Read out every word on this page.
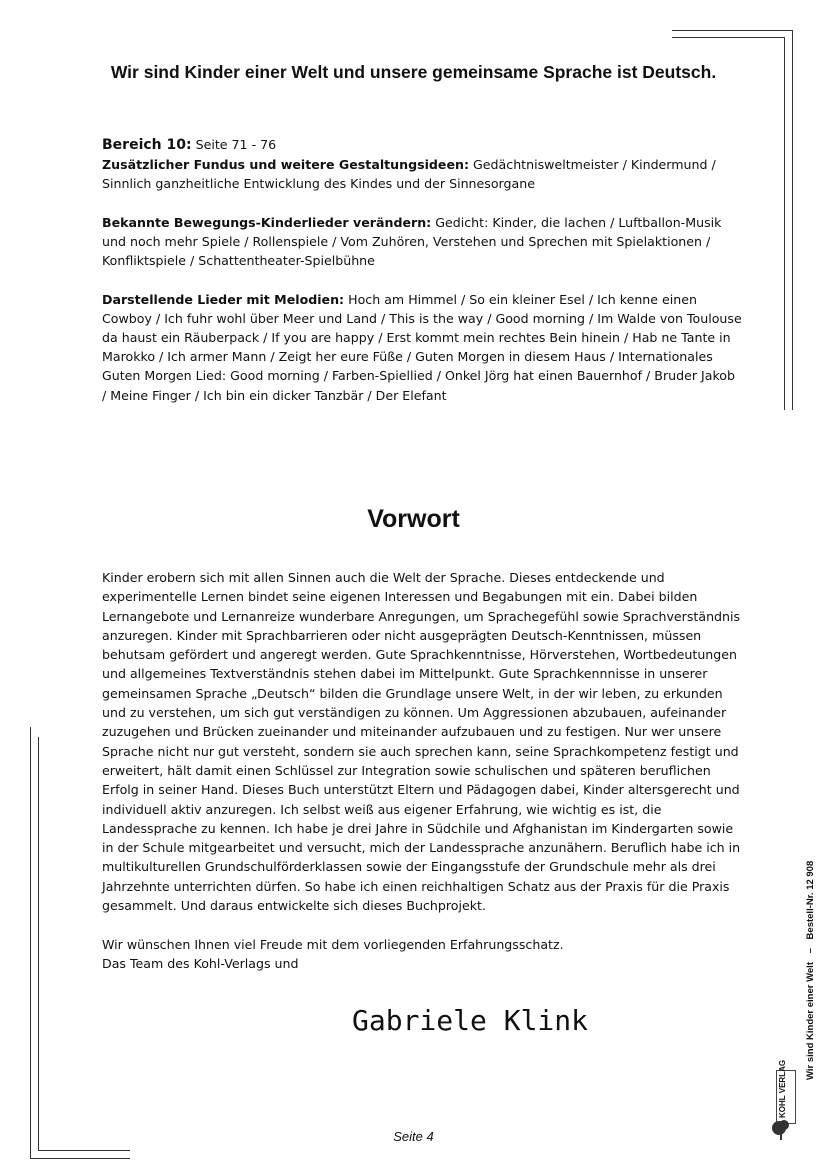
Wir sind Kinder einer Welt und unsere gemeinsame Sprache ist Deutsch.

Bereich 10: Seite 71 - 76
Zusätzlicher Fundus und weitere Gestaltungsideen: Gedächtnisweltmeister / Kindermund / Sinnlich ganzheitliche Entwicklung des Kindes und der Sinnesorgane

Bekannte Bewegungs-Kinderlieder verändern: Gedicht: Kinder, die lachen / Luftballon-Musik und noch mehr Spiele / Rollenspiele / Vom Zuhören, Verstehen und Sprechen mit Spielaktionen / Konfliktspiele / Schattentheater-Spielbühne

Darstellende Lieder mit Melodien: Hoch am Himmel / So ein kleiner Esel / Ich kenne einen Cowboy / Ich fuhr wohl über Meer und Land / This is the way / Good morning / Im Walde von Toulouse da haust ein Räuberpack / If you are happy / Erst kommt mein rechtes Bein hinein / Hab ne Tante in Marokko / Ich armer Mann / Zeigt her eure Füße / Guten Morgen in diesem Haus / Internationales Guten Morgen Lied: Good morning / Farben-Spiellied / Onkel Jörg hat einen Bauernhof / Bruder Jakob / Meine Finger / Ich bin ein dicker Tanzbär / Der Elefant

Vorwort

Kinder erobern sich mit allen Sinnen auch die Welt der Sprache. Dieses entdeckende und experimentelle Lernen bindet seine eigenen Interessen und Begabungen mit ein. Dabei bilden Lernangebote und Lernanreize wunderbare Anregungen, um Sprachegefühl sowie Sprachverständnis anzuregen. Kinder mit Sprachbarrieren oder nicht ausgeprägten Deutsch-Kenntnissen, müssen behutsam gefördert und angeregt werden. Gute Sprachkenntnisse, Hörverstehen, Wortbedeutungen und allgemeines Textverständnis stehen dabei im Mittelpunkt. Gute Sprachkennnisse in unserer gemeinsamen Sprache „Deutsch“ bilden die Grundlage unsere Welt, in der wir leben, zu erkunden und zu verstehen, um sich gut verständigen zu können. Um Aggressionen abzubauen, aufeinander zuzugehen und Brücken zueinander und miteinander aufzubauen und zu festigen. Nur wer unsere Sprache nicht nur gut versteht, sondern sie auch sprechen kann, seine Sprachkompetenz festigt und erweitert, hält damit einen Schlüssel zur Integration sowie schulischen und späteren beruflichen Erfolg in seiner Hand. Dieses Buch unterstützt Eltern und Pädagogen dabei, Kinder altersgerecht und individuell aktiv anzuregen. Ich selbst weiß aus eigener Erfahrung, wie wichtig es ist, die Landessprache zu kennen. Ich habe je drei Jahre in Südchile und Afghanistan im Kindergarten sowie in der Schule mitgearbeitet und versucht, mich der Landessprache anzunähern. Beruflich habe ich in multikulturellen Grundschulförderklassen sowie der Eingangsstufe der Grundschule mehr als drei Jahrzehnte unterrichten dürfen. So habe ich einen reichhaltigen Schatz aus der Praxis für die Praxis gesammelt. Und daraus entwickelte sich dieses Buchprojekt.

Wir wünschen Ihnen viel Freude mit dem vorliegenden Erfahrungsschatz.
Das Team des Kohl-Verlags und

Gabriele Klink
Seite 4
Wir sind Kinder einer Welt – Bestell-Nr. 12 908
KOHL VERLAG
